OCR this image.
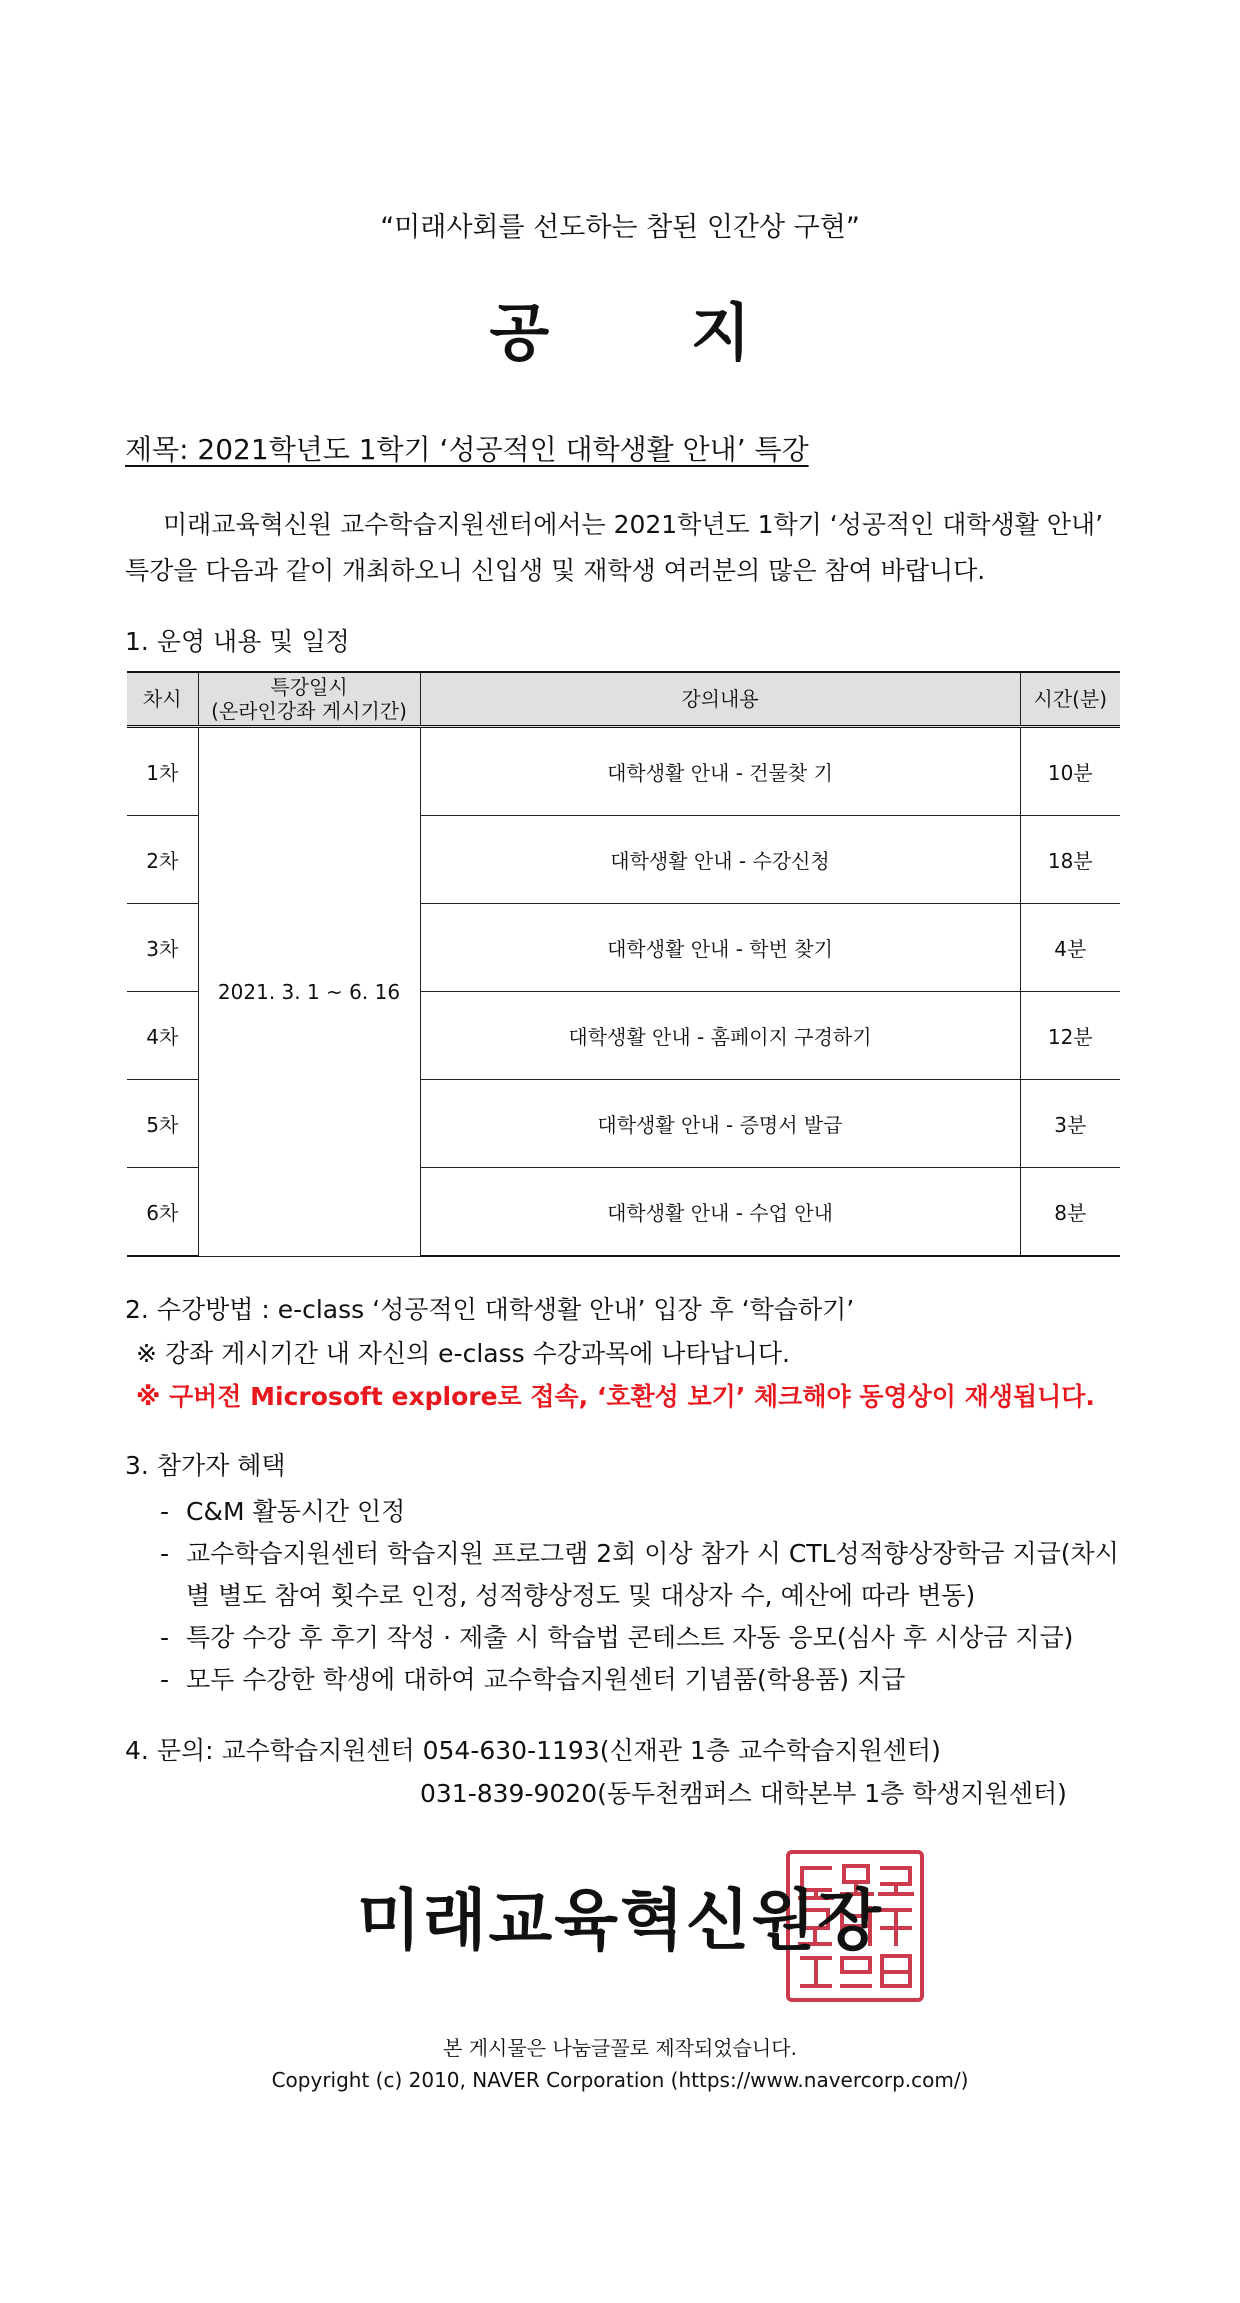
“미래사회를 선도하는 참된 인간상 구현”
공 지
제목: 2021학년도 1학기 ‘성공적인 대학생활 안내’ 특강

미래교육혁신원 교수학습지원센터에서는 2021학년도 1학기 ‘성공적인 대학생활 안내’

특강을 다음과 같이 개최하오니 신입생 및 재학생 여러분의 많은 참여 바랍니다.

1. 운영 내용 및 일정
차시	특강일시
(온라인강좌 게시기간)	강의내용	시간(분)
1차	2021. 3. 1 ~ 6. 16	대학생활 안내 - 건물찾 기	10분
2차		대학생활 안내 - 수강신청	18분
3차		대학생활 안내 - 학번 찾기	4분
4차		대학생활 안내 - 홈페이지 구경하기	12분
5차		대학생활 안내 - 증명서 발급	3분
6차		대학생활 안내 - 수업 안내	8분
2. 수강방법 : e-class ‘성공적인 대학생활 안내’ 입장 후 ‘학습하기’
※ 강좌 게시기간 내 자신의 e-class 수강과목에 나타납니다.
※ 구버전 Microsoft explore로 접속, ‘호환성 보기’ 체크해야 동영상이 재생됩니다.
3. 참가자 혜택
- C&M 활동시간 인정
- 교수학습지원센터 학습지원 프로그램 2회 이상 참가 시 CTL성적향상장학금 지급(차시별 별도 참여 횟수로 인정, 성적향상정도 및 대상자 수, 예산에 따라 변동)
- 특강 수강 후 후기 작성 · 제출 시 학습법 콘테스트 자동 응모(심사 후 시상금 지급)
- 모두 수강한 학생에 대하여 교수학습지원센터 기념품(학용품) 지급
4. 문의: 교수학습지원센터 054-630-1193(신재관 1층 교수학습지원센터)
031-839-9020(동두천캠퍼스 대학본부 1층 학생지원센터)
미래교육혁신원장
본 게시물은 나눔글꼴로 제작되었습니다.
Copyright (c) 2010, NAVER Corporation (https://www.navercorp.com/)
